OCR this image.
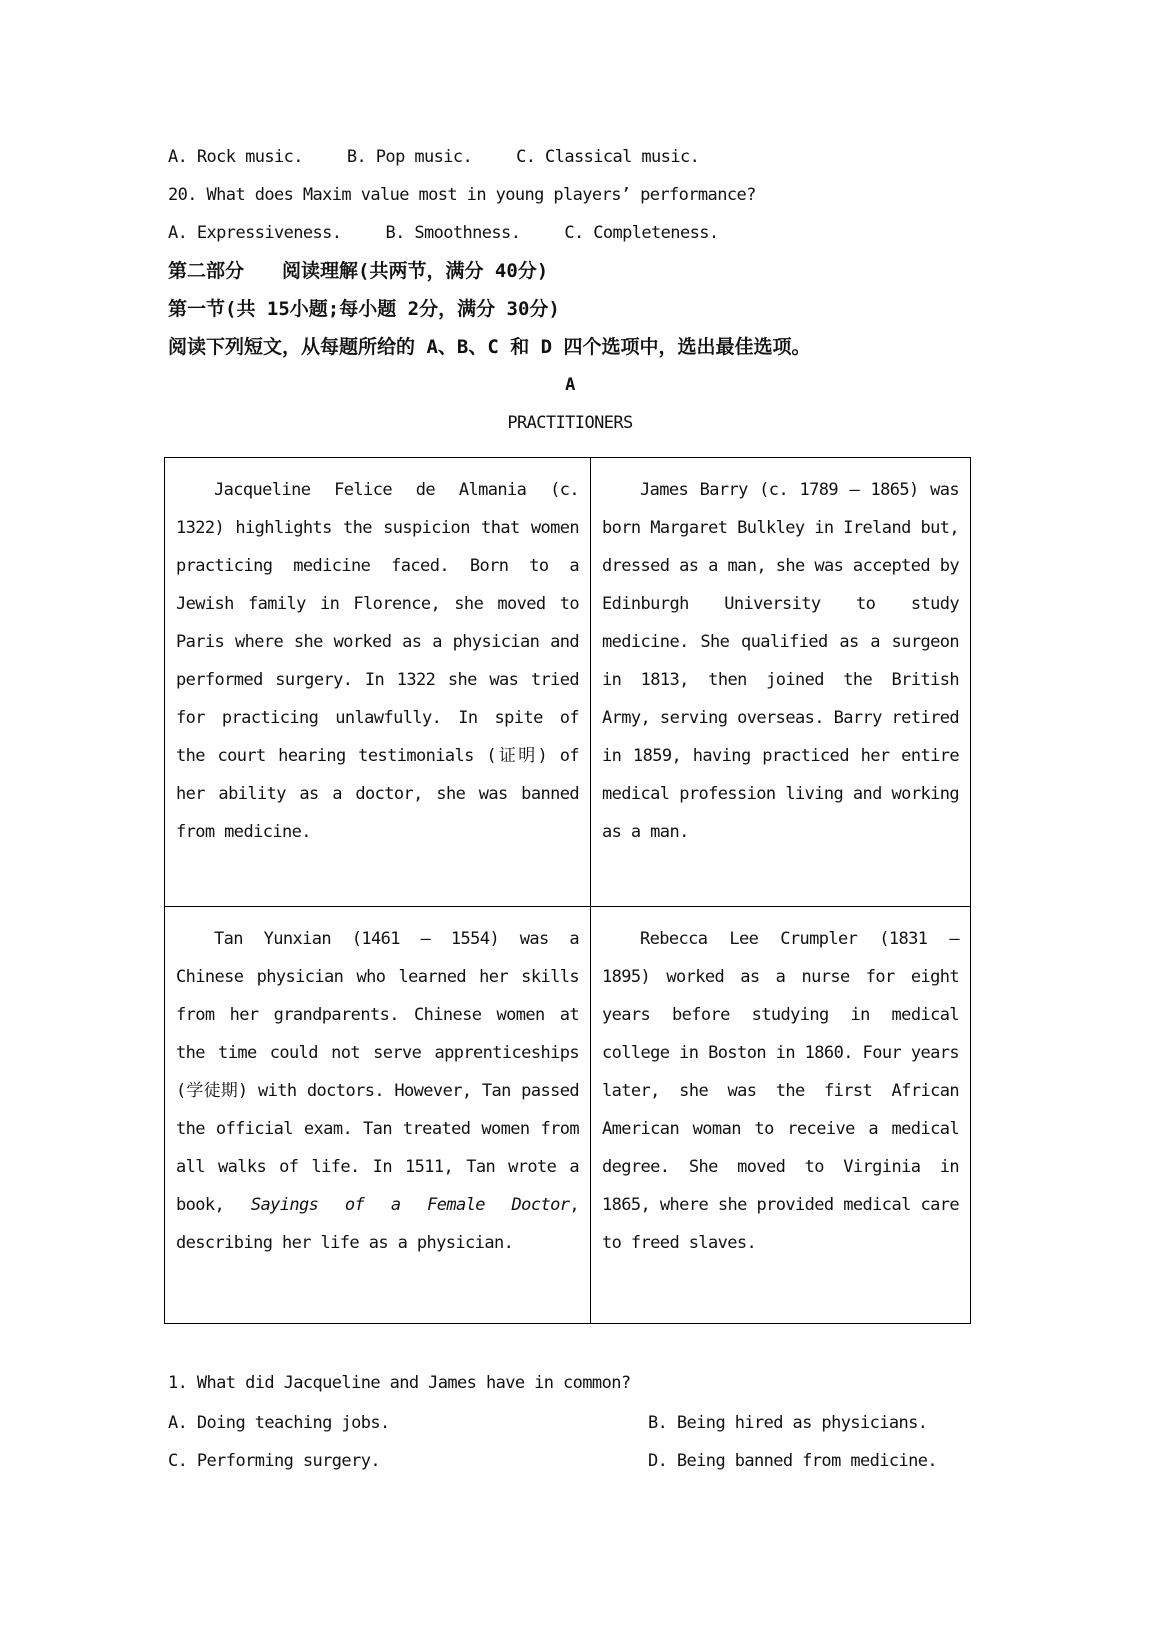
A. Rock music.	B. Pop music.	C. Classical music.

20. What does Maxim value most in young players’ performance?

A. Expressiveness.	B. Smoothness.	C. Completeness.

第二部分　　阅读理解(共两节，满分 40分)

第一节(共 15小题;每小题 2分，满分 30分)

阅读下列短文，从每题所给的 A、B、C 和 D 四个选项中，选出最佳选项。

A

PRACTITIONERS

Jacqueline Felice de Almania (c. 1322) highlights the suspicion that women practicing medicine faced. Born to a Jewish family in Florence, she moved to Paris where she worked as a physician and performed surgery. In 1322 she was tried for practicing unlawfully. In spite of the court hearing testimonials (证明) of her ability as a doctor, she was banned from medicine.

James Barry (c. 1789 — 1865) was born Margaret Bulkley in Ireland but, dressed as a man, she was accepted by Edinburgh University to study medicine. She qualified as a surgeon in 1813, then joined the British Army, serving overseas. Barry retired in 1859, having practiced her entire medical profession living and working as a man.

Tan Yunxian (1461 — 1554) was a Chinese physician who learned her skills from her grandparents. Chinese women at the time could not serve apprenticeships (学徒期) with doctors. However, Tan passed the official exam. Tan treated women from all walks of life. In 1511, Tan wrote a book, Sayings of a Female Doctor, describing her life as a physician.

Rebecca Lee Crumpler (1831 — 1895) worked as a nurse for eight years before studying in medical college in Boston in 1860. Four years later, she was the first African American woman to receive a medical degree. She moved to Virginia in 1865, where she provided medical care to freed slaves.

1. What did Jacqueline and James have in common?

A. Doing teaching jobs.	B. Being hired as physicians.
C. Performing surgery.	D. Being banned from medicine.
